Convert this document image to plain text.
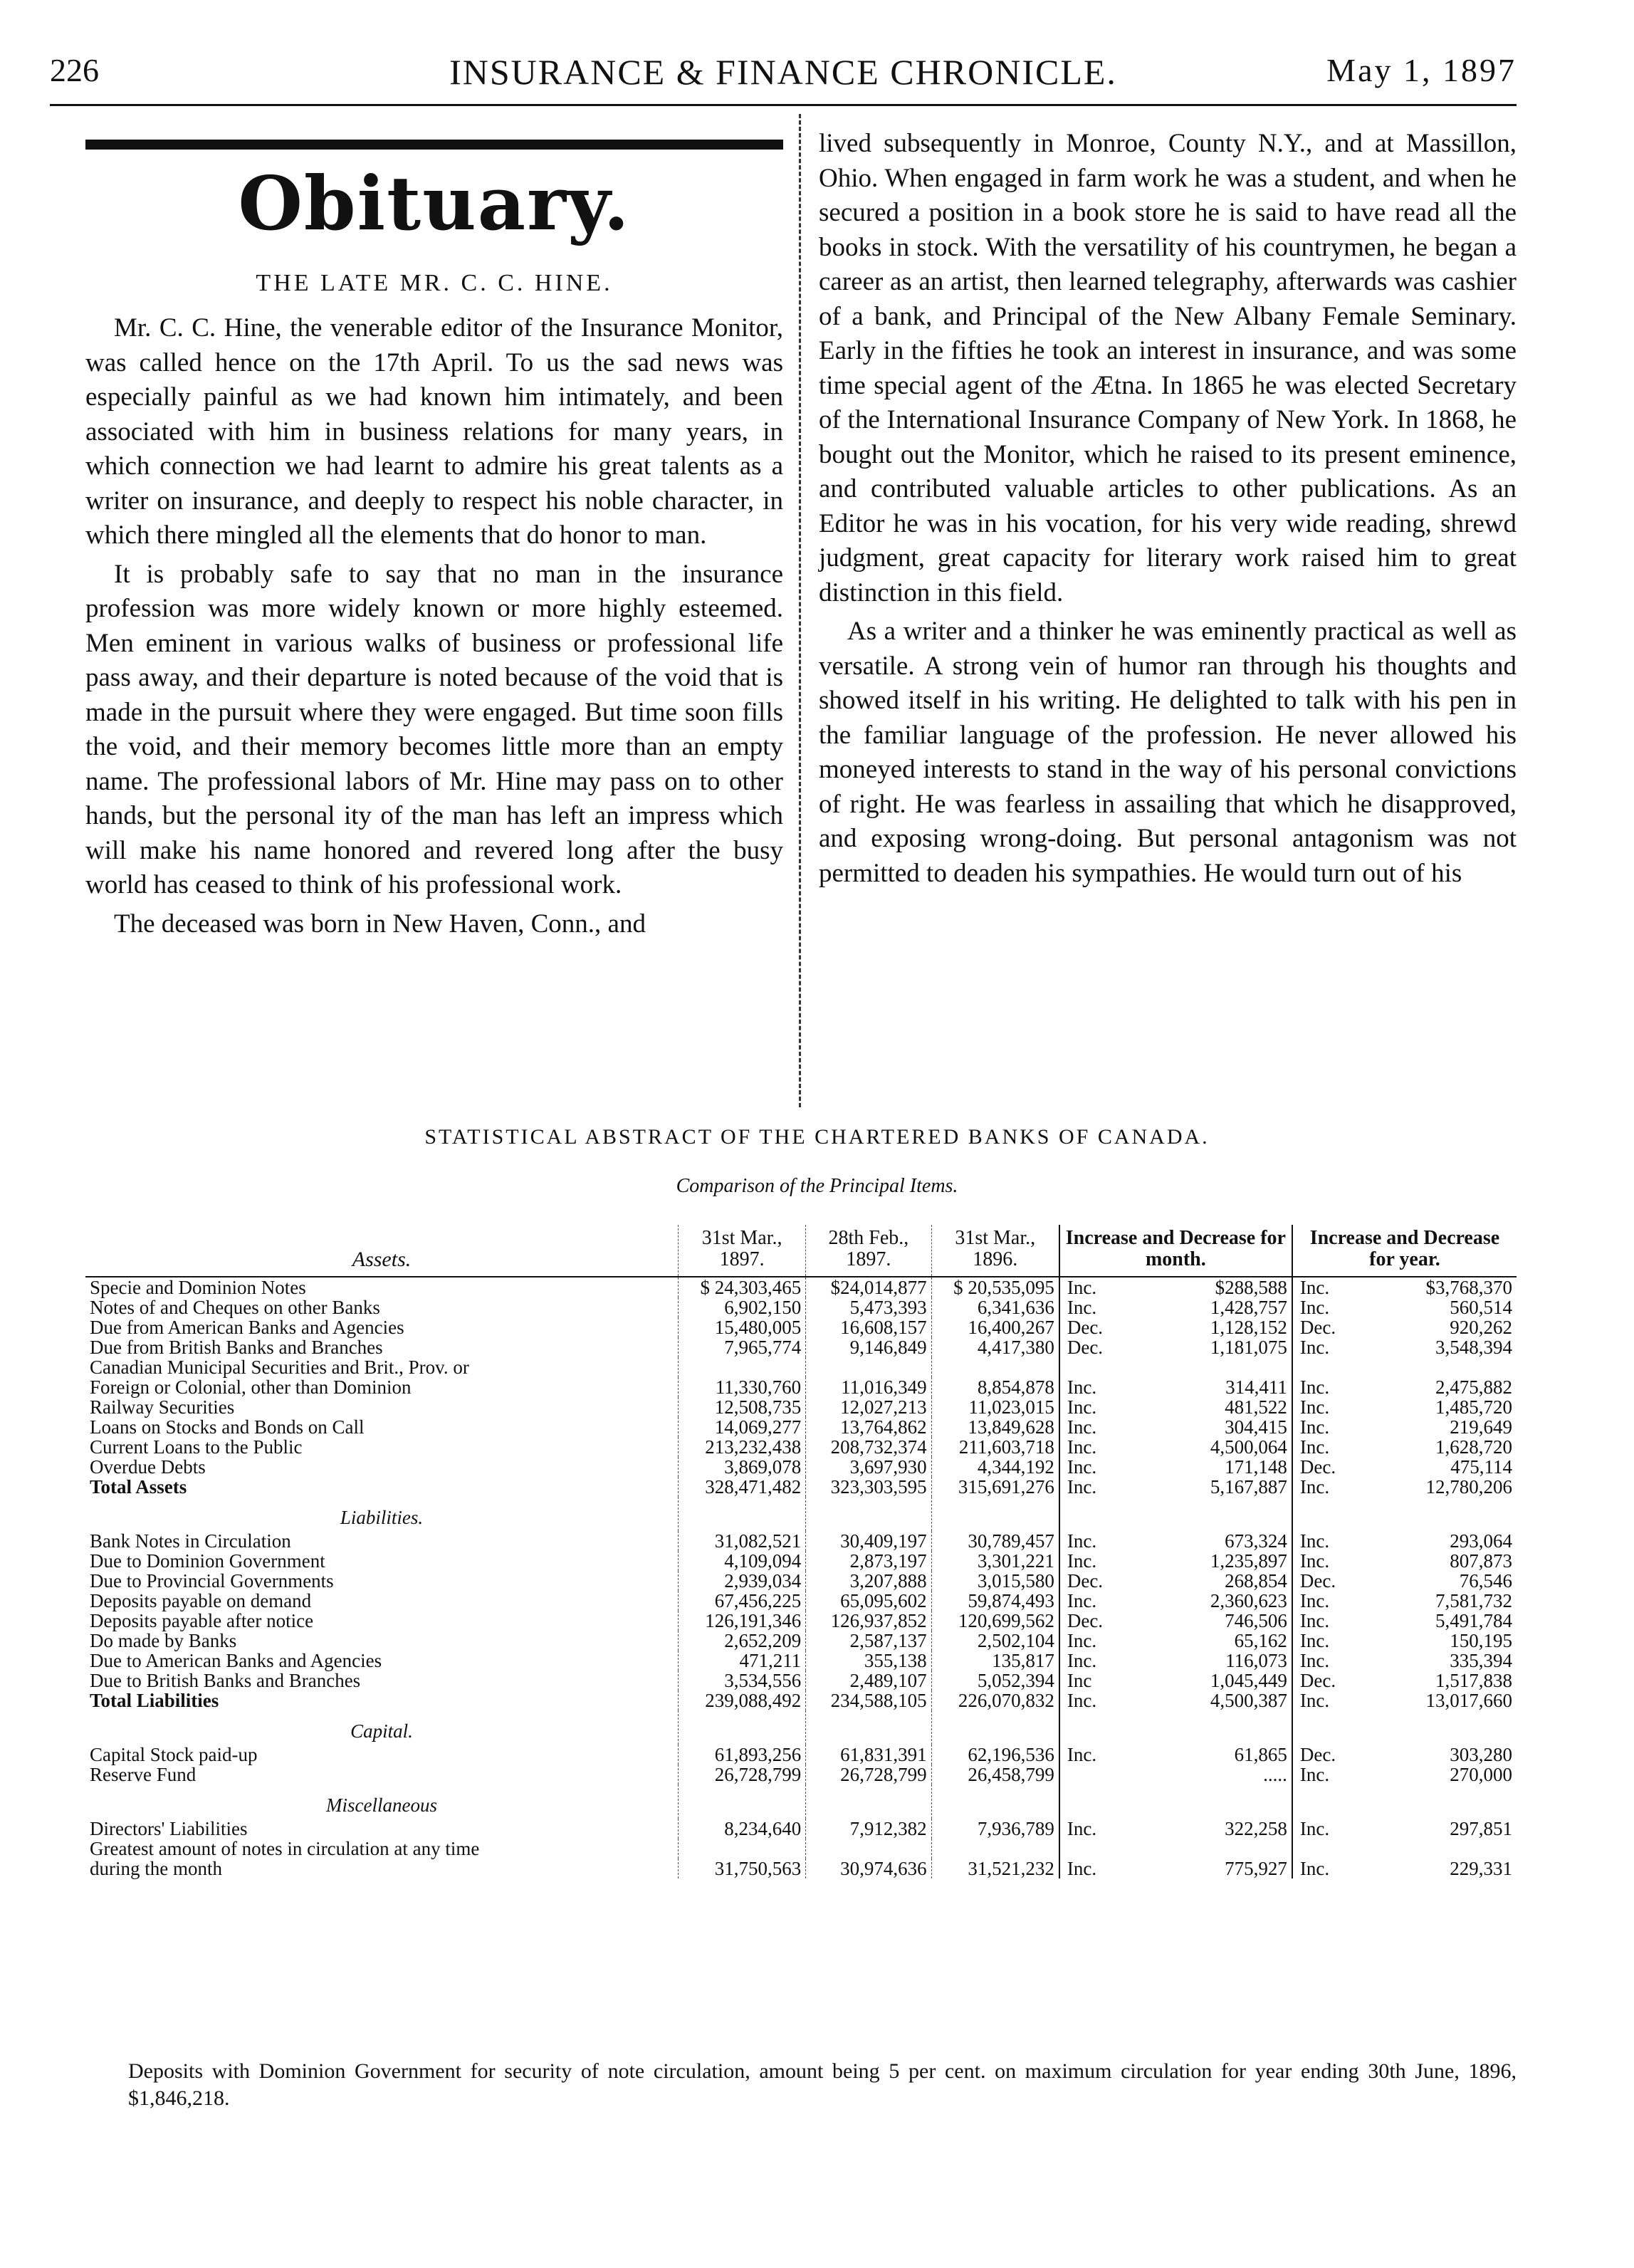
226	INSURANCE & FINANCE CHRONICLE.	May 1, 1897
Obituary.
THE LATE MR. C. C. HINE.

Mr. C. C. Hine, the venerable editor of the Insurance Monitor, was called hence on the 17th April. To us the sad news was especially painful as we had known him intimately, and been associated with him in business relations for many years, in which connection we had learnt to admire his great talents as a writer on insurance, and deeply to respect his noble character, in which there mingled all the elements that do honor to man.

It is probably safe to say that no man in the insurance profession was more widely known or more highly esteemed. Men eminent in various walks of business or professional life pass away, and their departure is noted because of the void that is made in the pursuit where they were engaged. But time soon fills the void, and their memory becomes little more than an empty name. The professional labors of Mr. Hine may pass on to other hands, but the personal ity of the man has left an impress which will make his name honored and revered long after the busy world has ceased to think of his professional work.

The deceased was born in New Haven, Conn., and

lived subsequently in Monroe, County N.Y., and at Massillon, Ohio. When engaged in farm work he was a student, and when he secured a position in a book store he is said to have read all the books in stock. With the versatility of his countrymen, he began a career as an artist, then learned telegraphy, afterwards was cashier of a bank, and Principal of the New Albany Female Seminary. Early in the fifties he took an interest in insurance, and was some time special agent of the Ætna. In 1865 he was elected Secretary of the International Insurance Company of New York. In 1868, he bought out the Monitor, which he raised to its present eminence, and contributed valuable articles to other publications. As an Editor he was in his vocation, for his very wide reading, shrewd judgment, great capacity for literary work raised him to great distinction in this field.

As a writer and a thinker he was eminently practical as well as versatile. A strong vein of humor ran through his thoughts and showed itself in his writing. He delighted to talk with his pen in the familiar language of the profession. He never allowed his moneyed interests to stand in the way of his personal convictions of right. He was fearless in assailing that which he disapproved, and exposing wrong-doing. But personal antagonism was not permitted to deaden his sympathies. He would turn out of his

STATISTICAL ABSTRACT OF THE CHARTERED BANKS OF CANADA.
Comparison of the Principal Items.
Assets.	31st Mar., 1897.	28th Feb., 1897.	31st Mar., 1896.	Increase and Decrease for month.		Increase and Decrease for year.	
Specie and Dominion Notes	$ 24,303,465	$24,014,877	$ 20,535,095	Inc.	$288,588	Inc.	$3,768,370
Notes of and Cheques on other Banks	6,902,150	5,473,393	6,341,636	Inc.	1,428,757	Inc.	560,514
Due from American Banks and Agencies	15,480,005	16,608,157	16,400,267	Dec.	1,128,152	Dec.	920,262
Due from British Banks and Branches	7,965,774	9,146,849	4,417,380	Dec.	1,181,075	Inc.	3,548,394
Canadian Municipal Securities and Brit., Prov. or							
Foreign or Colonial, other than Dominion	11,330,760	11,016,349	8,854,878	Inc.	314,411	Inc.	2,475,882
Railway Securities	12,508,735	12,027,213	11,023,015	Inc.	481,522	Inc.	1,485,720
Loans on Stocks and Bonds on Call	14,069,277	13,764,862	13,849,628	Inc.	304,415	Inc.	219,649
Current Loans to the Public	213,232,438	208,732,374	211,603,718	Inc.	4,500,064	Inc.	1,628,720
Overdue Debts	3,869,078	3,697,930	4,344,192	Inc.	171,148	Dec.	475,114
Total Assets	328,471,482	323,303,595	315,691,276	Inc.	5,167,887	Inc.	12,780,206
Liabilities.							
Bank Notes in Circulation	31,082,521	30,409,197	30,789,457	Inc.	673,324	Inc.	293,064
Due to Dominion Government	4,109,094	2,873,197	3,301,221	Inc.	1,235,897	Inc.	807,873
Due to Provincial Governments	2,939,034	3,207,888	3,015,580	Dec.	268,854	Dec.	76,546
Deposits payable on demand	67,456,225	65,095,602	59,874,493	Inc.	2,360,623	Inc.	7,581,732
Deposits payable after notice	126,191,346	126,937,852	120,699,562	Dec.	746,506	Inc.	5,491,784
Do made by Banks	2,652,209	2,587,137	2,502,104	Inc.	65,162	Inc.	150,195
Due to American Banks and Agencies	471,211	355,138	135,817	Inc.	116,073	Inc.	335,394
Due to British Banks and Branches	3,534,556	2,489,107	5,052,394	Inc	1,045,449	Dec.	1,517,838
Total Liabilities	239,088,492	234,588,105	226,070,832	Inc.	4,500,387	Inc.	13,017,660
Capital.							
Capital Stock paid-up	61,893,256	61,831,391	62,196,536	Inc.	61,865	Dec.	303,280
Reserve Fund	26,728,799	26,728,799	26,458,799		.....	Inc.	270,000
Miscellaneous							
Directors' Liabilities	8,234,640	7,912,382	7,936,789	Inc.	322,258	Inc.	297,851
Greatest amount of notes in circulation at any time							
during the month	31,750,563	30,974,636	31,521,232	Inc.	775,927	Inc.	229,331
Deposits with Dominion Government for security of note circulation, amount being 5 per cent. on maximum circulation for year ending 30th June, 1896, $1,846,218.
